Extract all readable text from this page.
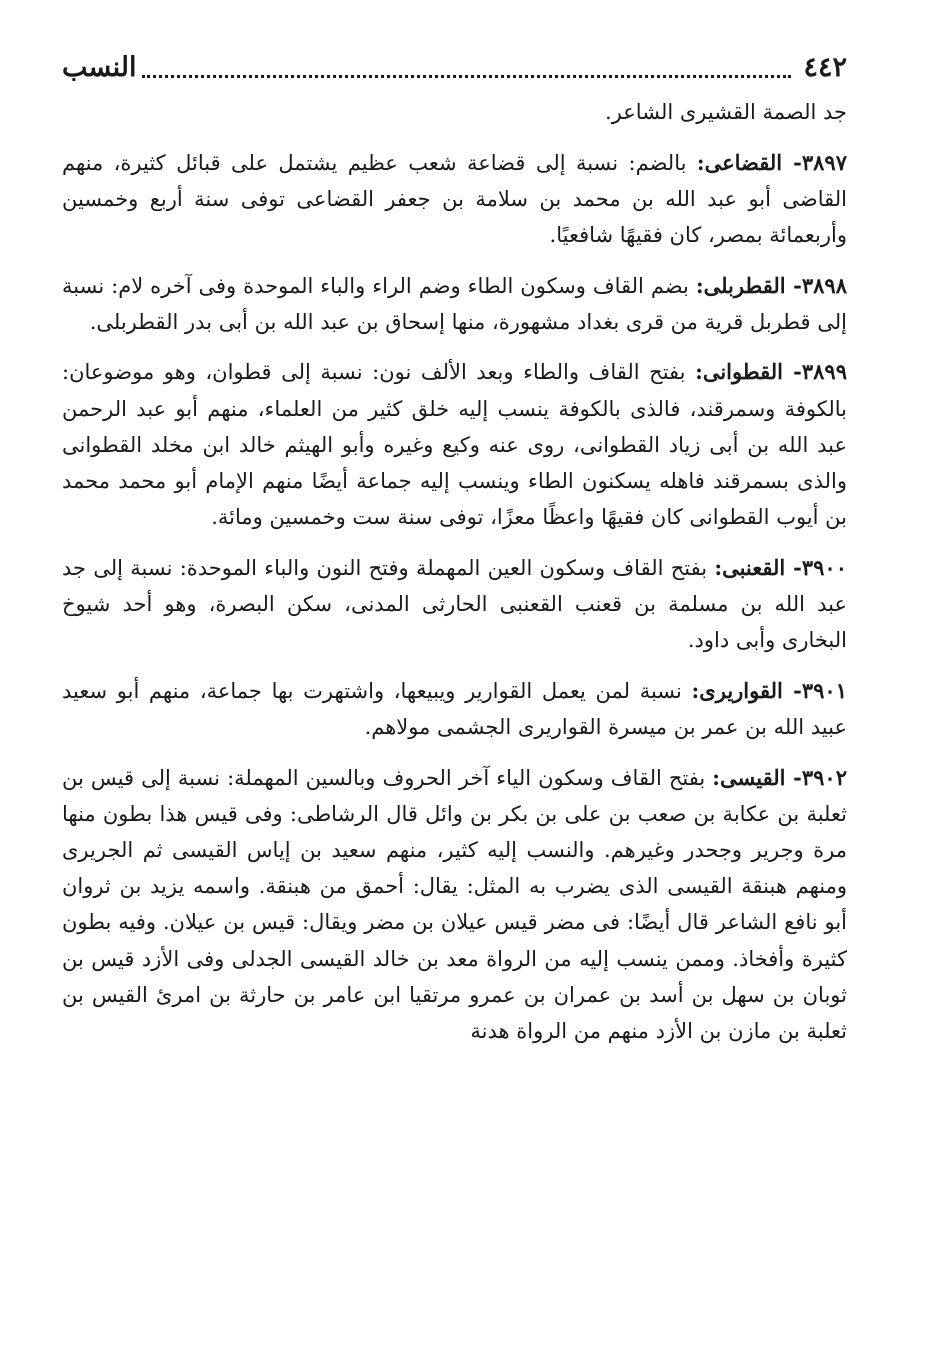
٤٤٢
النسب

جد الصمة القشيرى الشاعر.

٣٨٩٧- القضاعى: بالضم: نسبة إلى قضاعة شعب عظيم يشتمل على قبائل كثيرة، منهم القاضى أبو عبد الله بن محمد بن سلامة بن جعفر القضاعى توفى سنة أربع وخمسين وأربعمائة بمصر، كان فقيهًا شافعيًا.

٣٨٩٨- القطربلى: بضم القاف وسكون الطاء وضم الراء والباء الموحدة وفى آخره لام: نسبة إلى قطربل قرية من قرى بغداد مشهورة، منها إسحاق بن عبد الله بن أبى بدر القطربلى.

٣٨٩٩- القطوانى: بفتح القاف والطاء وبعد الألف نون: نسبة إلى قطوان، وهو موضوعان: بالكوفة وسمرقند، فالذى بالكوفة ينسب إليه خلق كثير من العلماء، منهم أبو عبد الرحمن عبد الله بن أبى زياد القطوانى، روى عنه وكيع وغيره وأبو الهيثم خالد ابن مخلد القطوانى والذى بسمرقند فاهله يسكنون الطاء وينسب إليه جماعة أيضًا منهم الإمام أبو محمد محمد بن أيوب القطوانى كان فقيهًا واعظًا معزًا، توفى سنة ست وخمسين ومائة.

٣٩٠٠- القعنبى: بفتح القاف وسكون العين المهملة وفتح النون والباء الموحدة: نسبة إلى جد عبد الله بن مسلمة بن قعنب القعنبى الحارثى المدنى، سكن البصرة، وهو أحد شيوخ البخارى وأبى داود.

٣٩٠١- القواريرى: نسبة لمن يعمل القوارير ويبيعها، واشتهرت بها جماعة، منهم أبو سعيد عبيد الله بن عمر بن ميسرة القواريرى الجشمى مولاهم.

٣٩٠٢- القيسى: بفتح القاف وسكون الياء آخر الحروف وبالسين المهملة: نسبة إلى قيس بن ثعلبة بن عكابة بن صعب بن على بن بكر بن وائل قال الرشاطى: وفى قيس هذا بطون منها مرة وجرير وجحدر وغيرهم. والنسب إليه كثير، منهم سعيد بن إياس القيسى ثم الجريرى ومنهم هبنقة القيسى الذى يضرب به المثل: يقال: أحمق من هبنقة. واسمه يزيد بن ثروان أبو نافع الشاعر قال أيضًا: فى مضر قيس عيلان بن مضر ويقال: قيس بن عيلان. وفيه بطون كثيرة وأفخاذ. وممن ينسب إليه من الرواة معد بن خالد القيسى الجدلى وفى الأزد قيس بن ثوبان بن سهل بن أسد بن عمران بن عمرو مرتقيا ابن عامر بن حارثة بن امرئ القيس بن ثعلبة بن مازن بن الأزد منهم من الرواة هدنة
